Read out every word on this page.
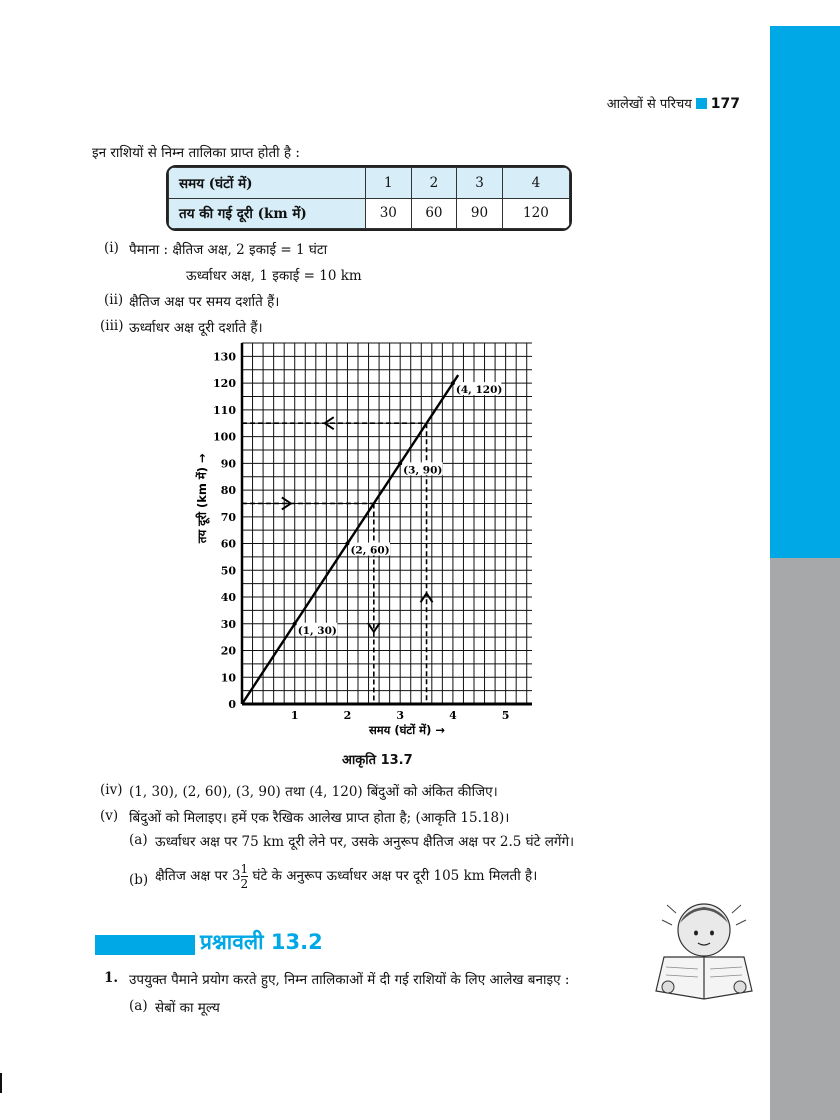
आलेखों से परिचय 177
इन राशियों से निम्न तालिका प्राप्त होती है :
समय (घंटों में)	1	2	3	4
तय की गई दूरी (km में)	30	60	90	120
(i) पैमाना : क्षैतिज अक्ष, 2 इकाई = 1 घंटा
ऊर्ध्वाधर अक्ष, 1 इकाई = 10 km
(ii) क्षैतिज अक्ष पर समय दर्शाते हैं।
(iii) ऊर्ध्वाधर अक्ष दूरी दर्शाते हैं।
0
10
20
30
40
50
60
70
80
90
100
110
120
130
1	2	3	4	5
(1, 30)
(2, 60)
(3, 90)
(4, 120)
समय (घंटों में) →
तय दूरी (km में) →
आकृति 13.7
(iv) (1, 30), (2, 60), (3, 90) तथा (4, 120) बिंदुओं को अंकित कीजिए।
(v) बिंदुओं को मिलाइए। हमें एक रैखिक आलेख प्राप्त होता है; (आकृति 15.18)।
(a) ऊर्ध्वाधर अक्ष पर 75 km दूरी लेने पर, उसके अनुरूप क्षैतिज अक्ष पर 2.5 घंटे लगेंगे।
(b) क्षैतिज अक्ष पर $3 \frac{1}{2}$ घंटे के अनुरूप ऊर्ध्वाधर अक्ष पर दूरी 105 km मिलती है।
प्रश्नावली 13.2
1. उपयुक्त पैमाने प्रयोग करते हुए, निम्न तालिकाओं में दी गई राशियों के लिए आलेख बनाइए :
(a) सेबों का मूल्य
